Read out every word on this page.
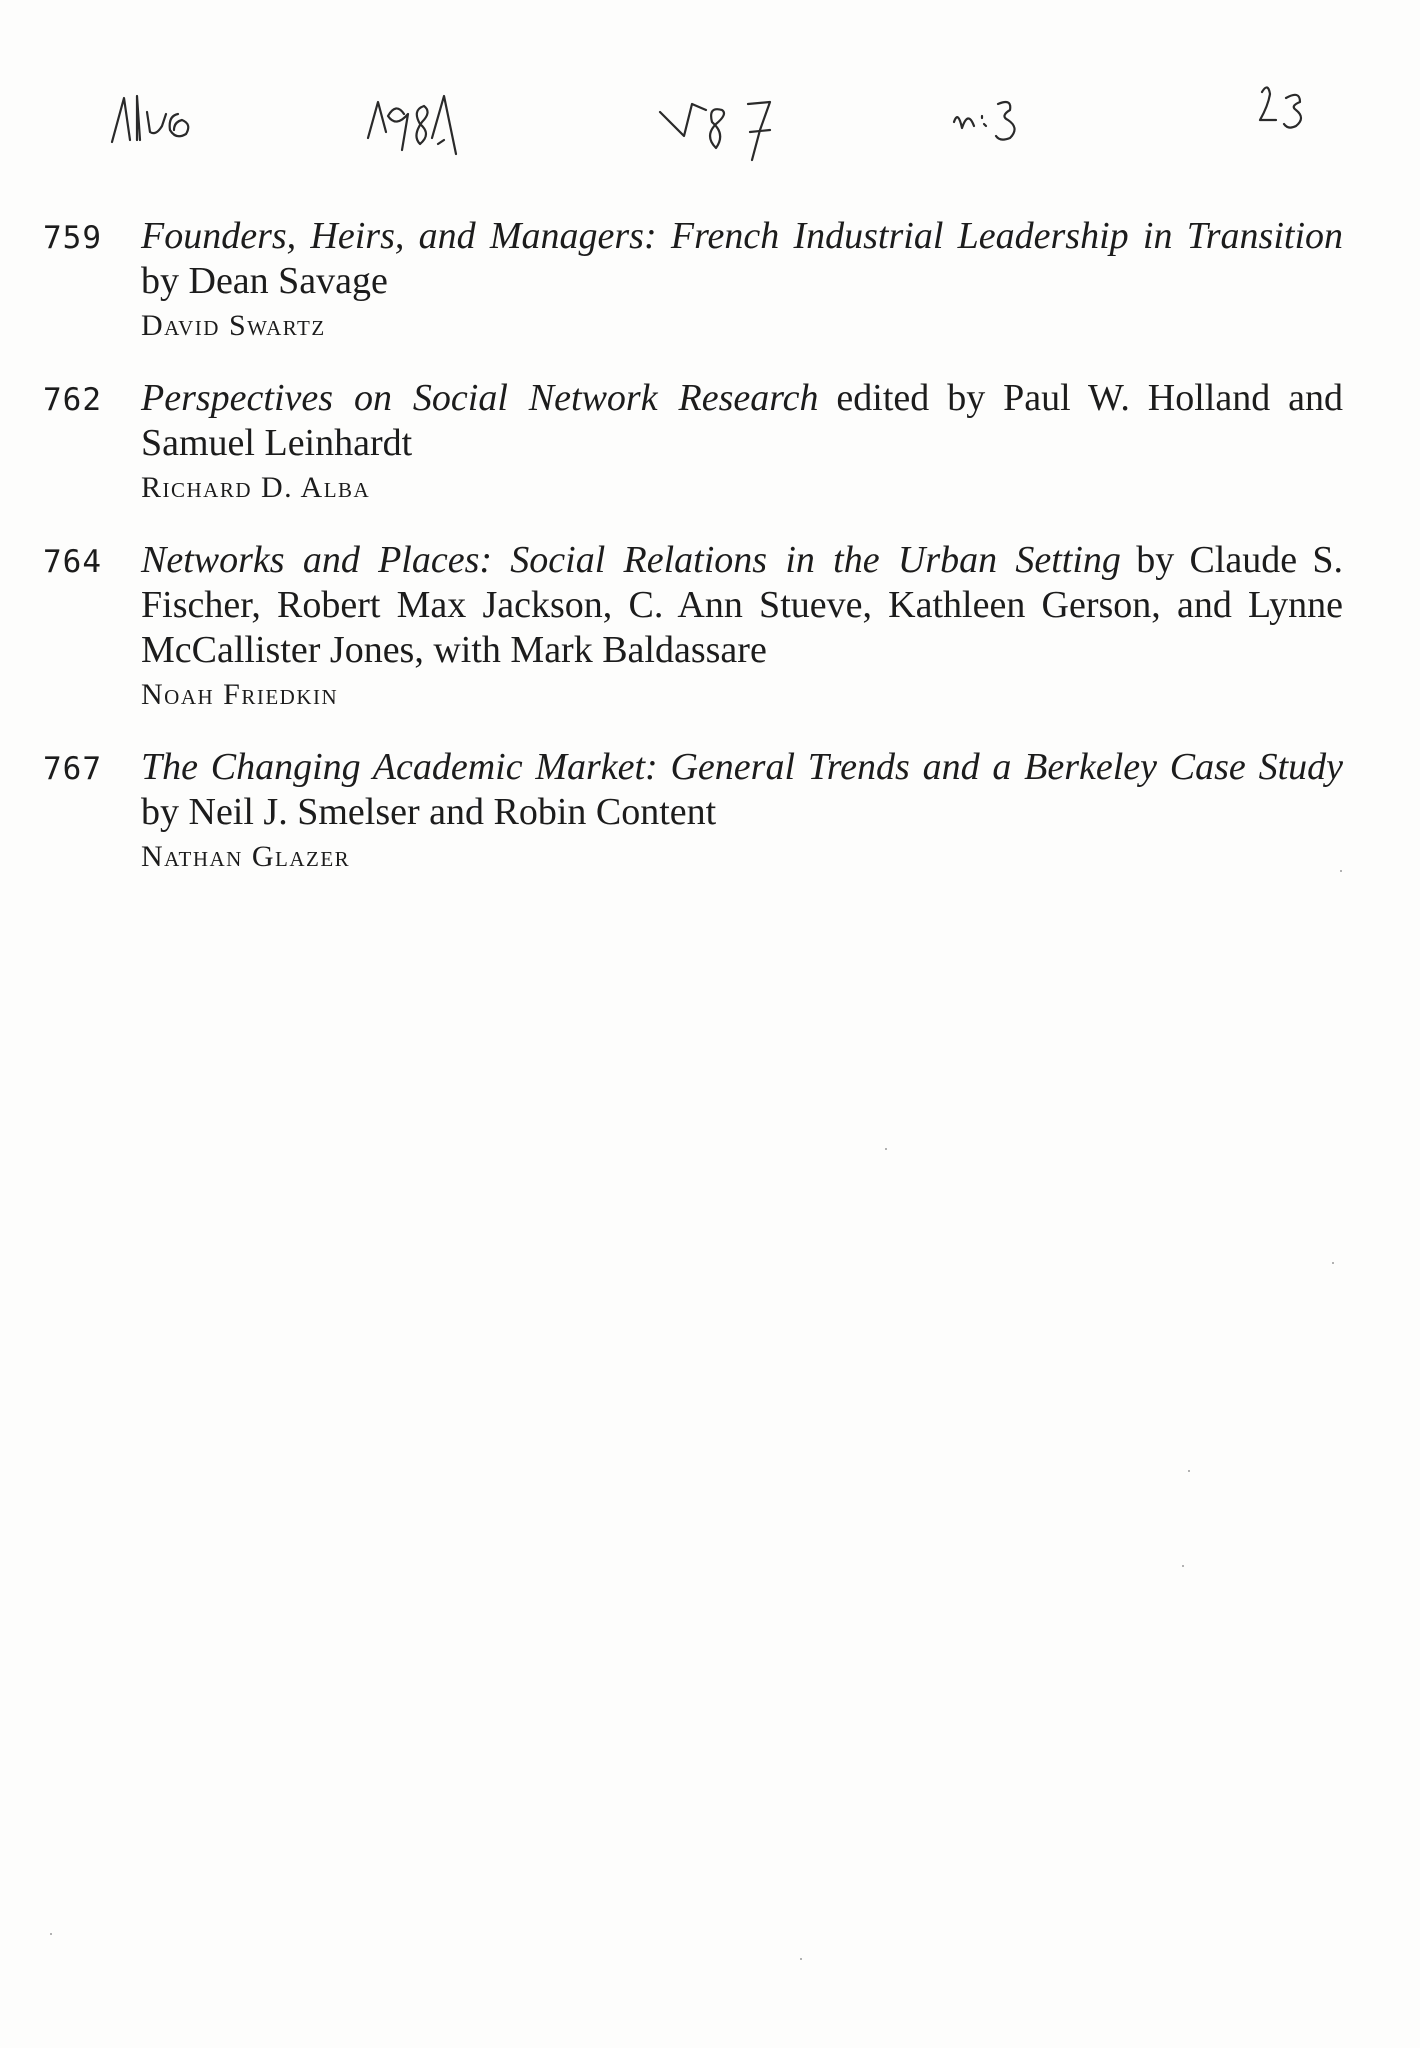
759	Founders, Heirs, and Managers: French Industrial Leadership in Transition by Dean Savage
David Swartz
762	Perspectives on Social Network Research edited by Paul W. Holland and Samuel Leinhardt
Richard D. Alba
764	Networks and Places: Social Relations in the Urban Setting by Claude S. Fischer, Robert Max Jackson, C. Ann Stueve, Kathleen Gerson, and Lynne McCallister Jones, with Mark Baldassare
Noah Friedkin
767	The Changing Academic Market: General Trends and a Berkeley Case Study by Neil J. Smelser and Robin Content
Nathan Glazer
